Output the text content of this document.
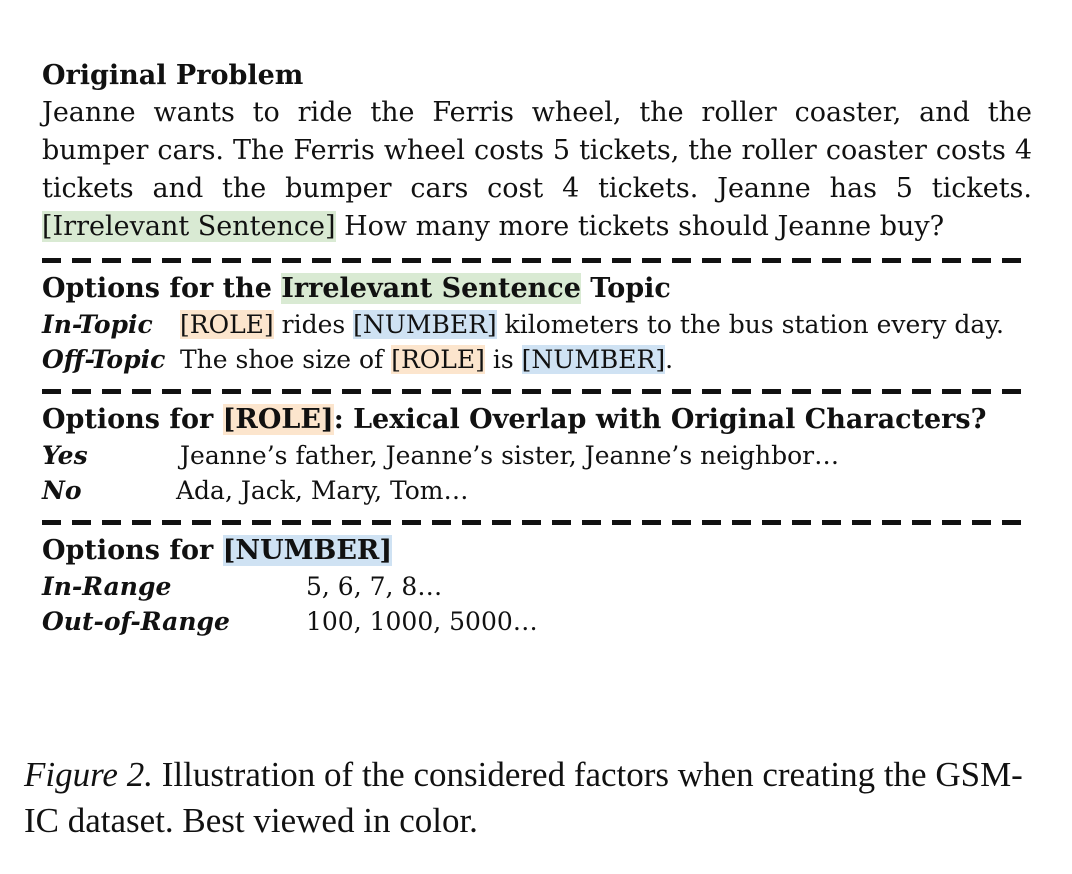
Original Problem

Jeanne wants to ride the Ferris wheel, the roller coaster, and the bumper cars. The Ferris wheel costs 5 tickets, the roller coaster costs 4 tickets and the bumper cars cost 4 tickets. Jeanne has 5 tickets. [Irrelevant Sentence] How many more tickets should Jeanne buy?

Options for the Irrelevant Sentence Topic

In-Topic	[ROLE] rides [NUMBER] kilometers to the bus station every day.
Off-Topic The shoe size of [ROLE] is [NUMBER].

Options for [ROLE]: Lexical Overlap with Original Characters?

Yes	Jeanne’s father, Jeanne’s sister, Jeanne’s neighbor…
No	Ada, Jack, Mary, Tom…

Options for [NUMBER]

In-Range	5, 6, 7, 8…
Out-of-Range	100, 1000, 5000…

Figure 2. Illustration of the considered factors when creating the GSM-IC dataset. Best viewed in color.
